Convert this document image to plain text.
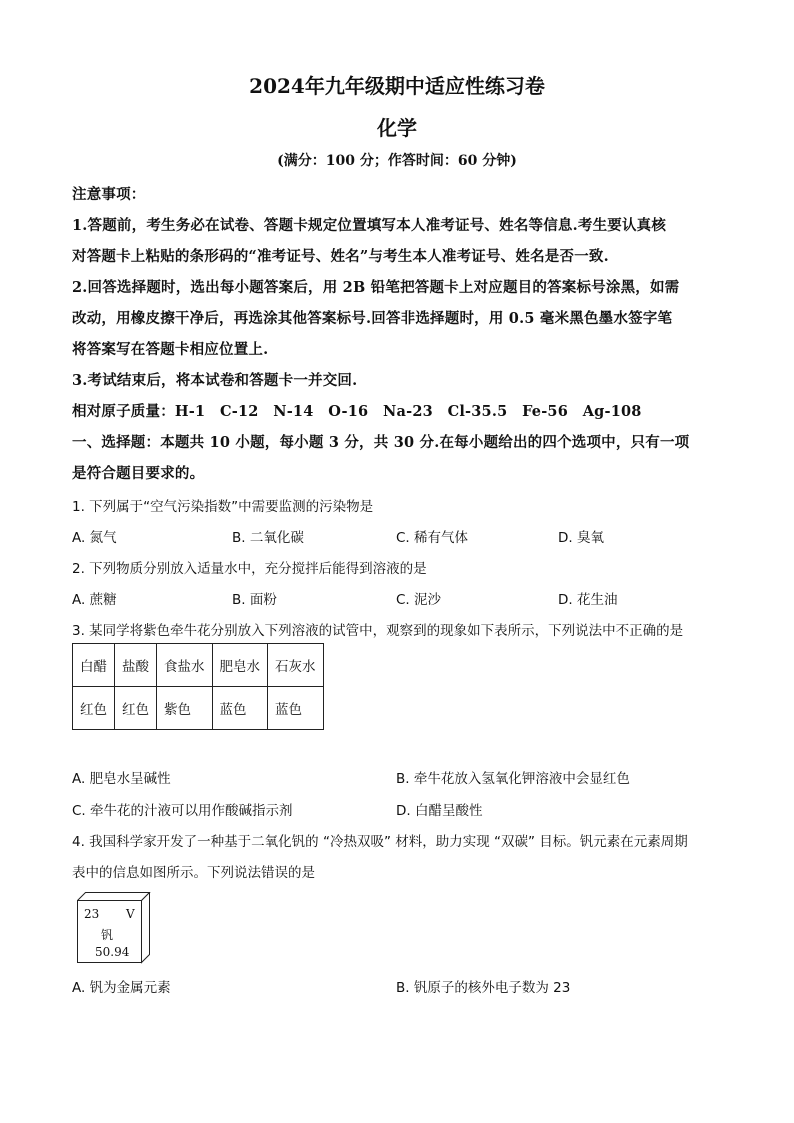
2024年九年级期中适应性练习卷
化学
(满分：100 分；作答时间：60 分钟)
注意事项：
1.答题前，考生务必在试卷、答题卡规定位置填写本人准考证号、姓名等信息.考生要认真核
对答题卡上粘贴的条形码的“准考证号、姓名”与考生本人准考证号、姓名是否一致.
2.回答选择题时，选出每小题答案后，用 2B 铅笔把答题卡上对应题目的答案标号涂黑，如需
改动，用橡皮擦干净后，再选涂其他答案标号.回答非选择题时，用 0.5 毫米黑色墨水签字笔
将答案写在答题卡相应位置上.
3.考试结束后，将本试卷和答题卡一并交回.
相对原子质量：H-1　C-12　N-14　O-16　Na-23　Cl-35.5　Fe-56　Ag-108
一、选择题：本题共 10 小题，每小题 3 分，共 30 分.在每小题给出的四个选项中，只有一项
是符合题目要求的。
1. 下列属于“空气污染指数”中需要监测的污染物是
A. 氮气	B. 二氧化碳	C. 稀有气体	D. 臭氧
2. 下列物质分别放入适量水中，充分搅拌后能得到溶液的是
A. 蔗糖	B. 面粉	C. 泥沙	D. 花生油
3. 某同学将紫色牵牛花分别放入下列溶液的试管中，观察到的现象如下表所示，下列说法中不正确的是
白醋	盐酸	食盐水	肥皂水	石灰水
红色	红色	紫色	蓝色	蓝色
A. 肥皂水呈碱性	B. 牵牛花放入氢氧化钾溶液中会显红色
C. 牵牛花的汁液可以用作酸碱指示剂	D. 白醋呈酸性
4. 我国科学家开发了一种基于二氧化钒的 “冷热双吸” 材料，助力实现 “双碳” 目标。钒元素在元素周期
表中的信息如图所示。下列说法错误的是
23 V
钒
50.94
A. 钒为金属元素	B. 钒原子的核外电子数为 23
